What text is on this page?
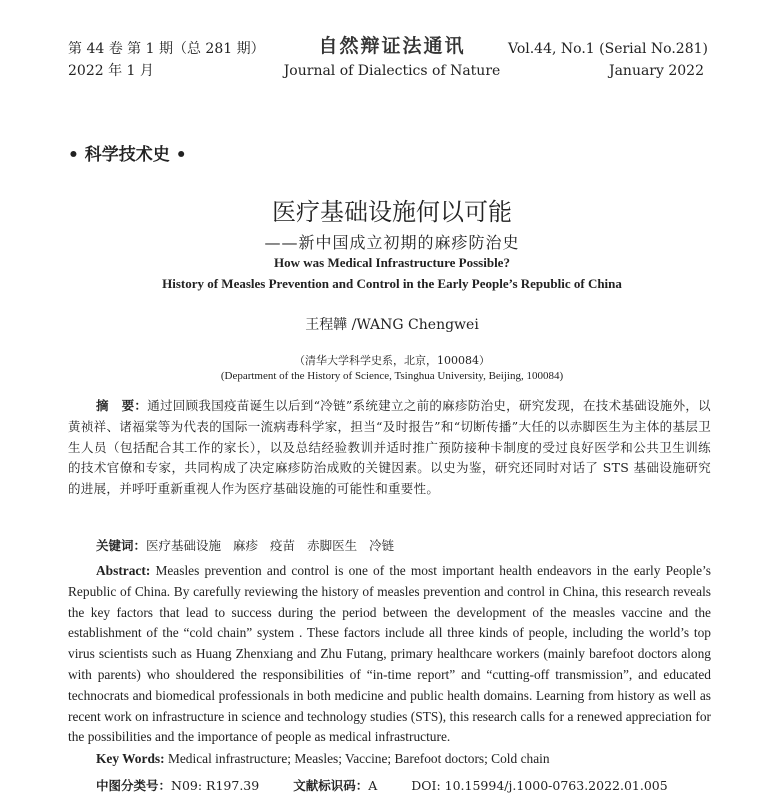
第 44 卷 第 1 期（总 281 期）
2022 年 1 月
自然辩证法通讯
Journal of Dialectics of Nature
Vol.44, No.1 (Serial No.281)
January 2022
• 科学技术史 •
医疗基础设施何以可能
——新中国成立初期的麻疹防治史
How was Medical Infrastructure Possible?
History of Measles Prevention and Control in the Early People’s Republic of China
王程韡 /WANG Chengwei
（清华大学科学史系，北京，100084）
(Department of the History of Science, Tsinghua University, Beijing, 100084)
摘　要：通过回顾我国疫苗诞生以后到“冷链”系统建立之前的麻疹防治史，研究发现，在技术基础设施外，以黄祯祥、诸福棠等为代表的国际一流病毒科学家，担当“及时报告”和“切断传播”大任的以赤脚医生为主体的基层卫生人员（包括配合其工作的家长），以及总结经验教训并适时推广预防接种卡制度的受过良好医学和公共卫生训练的技术官僚和专家，共同构成了决定麻疹防治成败的关键因素。以史为鉴，研究还同时对话了 STS 基础设施研究的进展，并呼吁重新重视人作为医疗基础设施的可能性和重要性。
关键词：医疗基础设施 麻疹 疫苗 赤脚医生 冷链
Abstract: Measles prevention and control is one of the most important health endeavors in the early People’s Republic of China. By carefully reviewing the history of measles prevention and control in China, this research reveals the key factors that lead to success during the period between the development of the measles vaccine and the establishment of the “cold chain” system . These factors include all three kinds of people, including the world’s top virus scientists such as Huang Zhenxiang and Zhu Futang, primary healthcare workers (mainly barefoot doctors along with parents) who shouldered the responsibilities of “in-time report” and “cutting-off transmission”, and educated technocrats and biomedical professionals in both medicine and public health domains. Learning from history as well as recent work on infrastructure in science and technology studies (STS), this research calls for a renewed appreciation for the possibilities and the importance of people as medical infrastructure.
Key Words: Medical infrastructure; Measles; Vaccine; Barefoot doctors; Cold chain
中图分类号：N09: R197.39	文献标识码：A	DOI: 10.15994/j.1000-0763.2022.01.005
